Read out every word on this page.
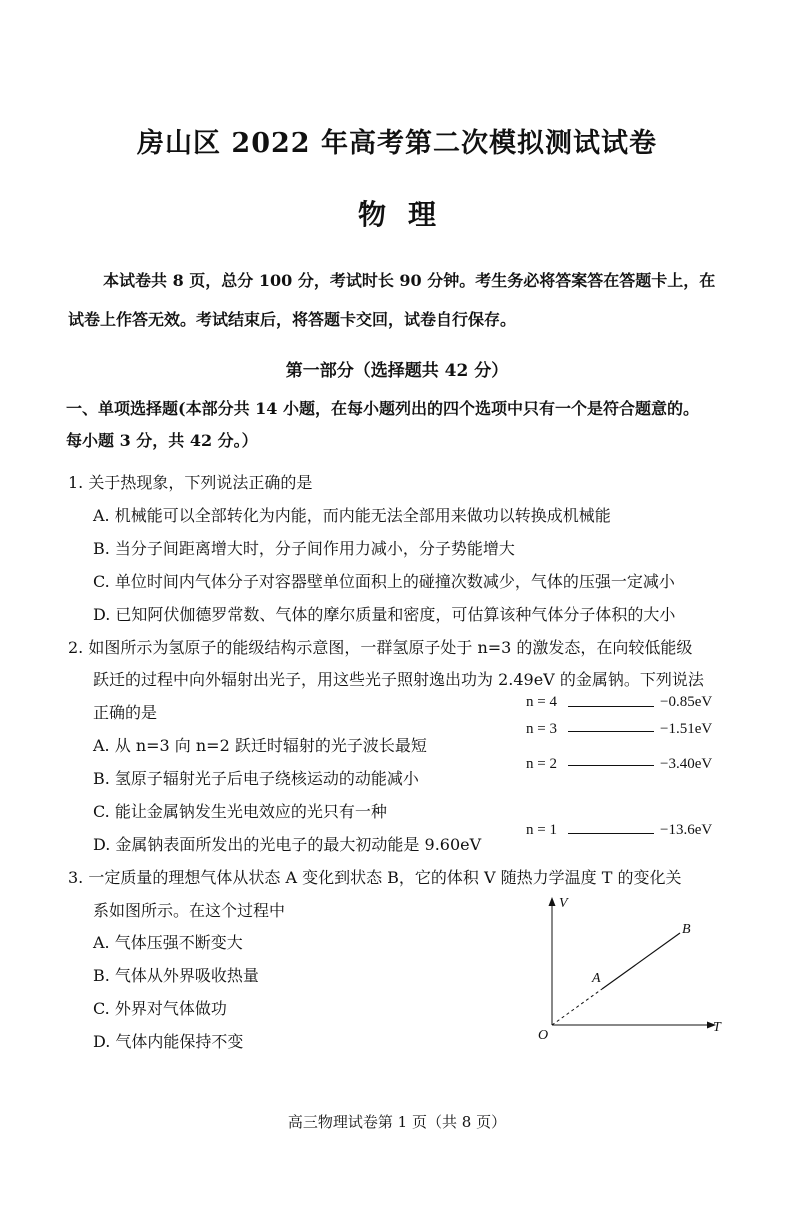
房山区 2022 年高考第二次模拟测试试卷
物理
本试卷共 8 页，总分 100 分，考试时长 90 分钟。考生务必将答案答在答题卡上，在
试卷上作答无效。考试结束后，将答题卡交回，试卷自行保存。
第一部分（选择题共 42 分）
一、单项选择题(本部分共 14 小题，在每小题列出的四个选项中只有一个是符合题意的。
每小题 3 分，共 42 分。）
1. 关于热现象，下列说法正确的是
A. 机械能可以全部转化为内能，而内能无法全部用来做功以转换成机械能
B. 当分子间距离增大时，分子间作用力减小，分子势能增大
C. 单位时间内气体分子对容器壁单位面积上的碰撞次数减少，气体的压强一定减小
D. 已知阿伏伽德罗常数、气体的摩尔质量和密度，可估算该种气体分子体积的大小
2. 如图所示为氢原子的能级结构示意图，一群氢原子处于 n=3 的激发态，在向较低能级
跃迁的过程中向外辐射出光子，用这些光子照射逸出功为 2.49eV 的金属钠。下列说法
正确的是
A. 从 n=3 向 n=2 跃迁时辐射的光子波长最短
B. 氢原子辐射光子后电子绕核运动的动能减小
C. 能让金属钠发生光电效应的光只有一种
D. 金属钠表面所发出的光电子的最大初动能是 9.60eV
n = 4	−0.85eV
n = 3	−1.51eV
n = 2	−3.40eV
n = 1	−13.6eV
3. 一定质量的理想气体从状态 A 变化到状态 B，它的体积 V 随热力学温度 T 的变化关
系如图所示。在这个过程中
A. 气体压强不断变大
B. 气体从外界吸收热量
C. 外界对气体做功
D. 气体内能保持不变
V
T
O
A
B
高三物理试卷第 1 页（共 8 页）
